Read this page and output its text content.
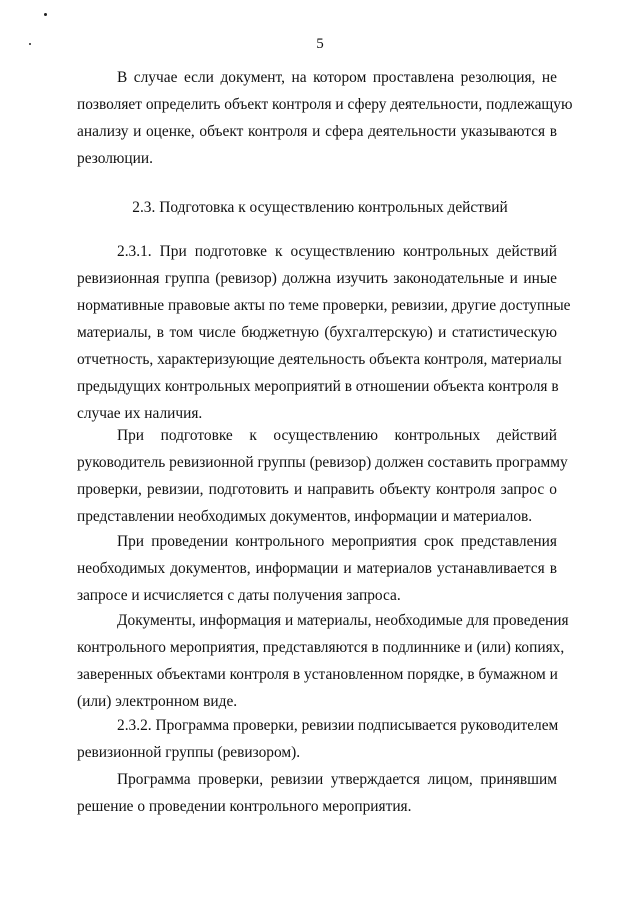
5
В случае если документ, на котором проставлена резолюция, не
позволяет определить объект контроля и сферу деятельности, подлежащую
анализу и оценке, объект контроля и сфера деятельности указываются в
резолюции.
2.3. Подготовка к осуществлению контрольных действий
2.3.1. При подготовке к осуществлению контрольных действий
ревизионная группа (ревизор) должна изучить законодательные и иные
нормативные правовые акты по теме проверки, ревизии, другие доступные
материалы, в том числе бюджетную (бухгалтерскую) и статистическую
отчетность, характеризующие деятельность объекта контроля, материалы
предыдущих контрольных мероприятий в отношении объекта контроля в
случае их наличия.
При подготовке к осуществлению контрольных действий
руководитель ревизионной группы (ревизор) должен составить программу
проверки, ревизии, подготовить и направить объекту контроля запрос о
представлении необходимых документов, информации и материалов.
При проведении контрольного мероприятия срок представления
необходимых документов, информации и материалов устанавливается в
запросе и исчисляется с даты получения запроса.
Документы, информация и материалы, необходимые для проведения
контрольного мероприятия, представляются в подлиннике и (или) копиях,
заверенных объектами контроля в установленном порядке, в бумажном и
(или) электронном виде.
2.3.2. Программа проверки, ревизии подписывается руководителем
ревизионной группы (ревизором).
Программа проверки, ревизии утверждается лицом, принявшим
решение о проведении контрольного мероприятия.
